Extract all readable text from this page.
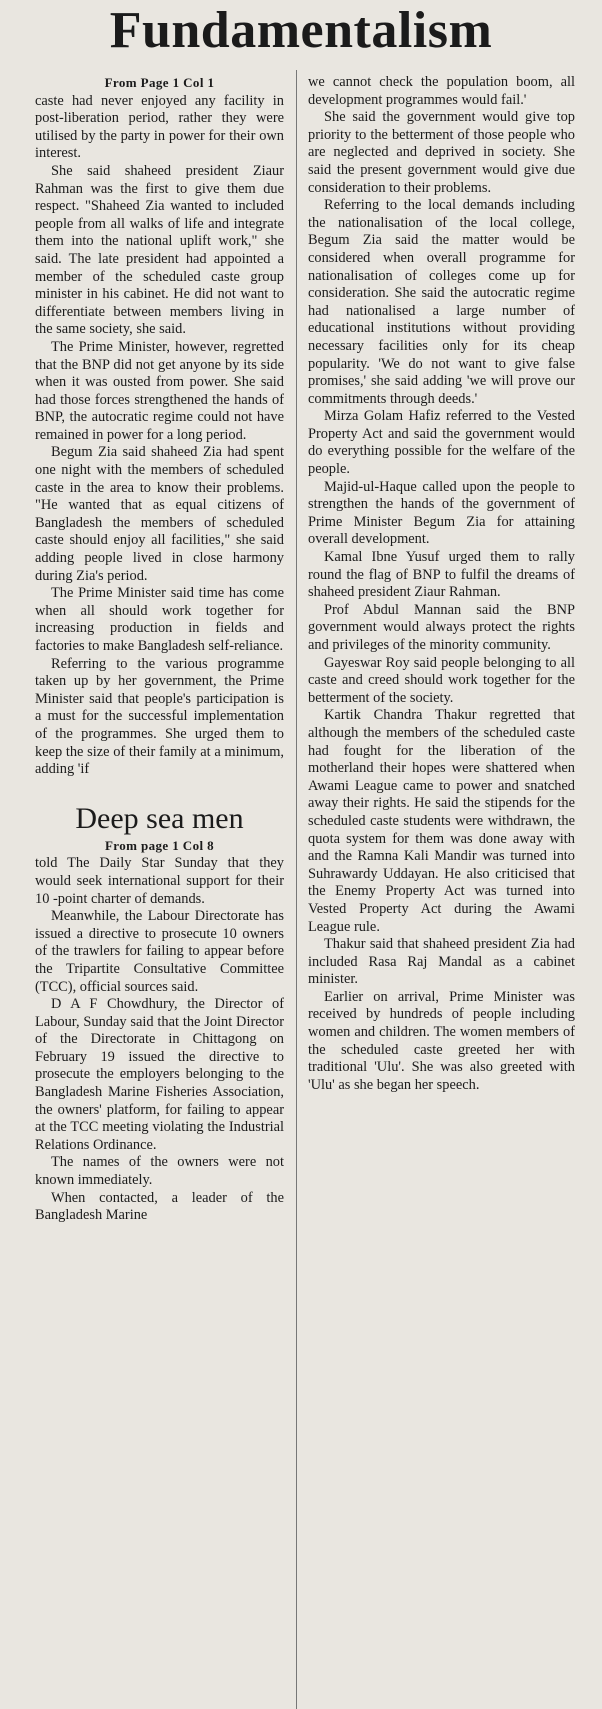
Fundamentalism
From Page 1 Col 1

caste had never enjoyed any facility in post-liberation period, rather they were utilised by the party in power for their own interest.

She said shaheed president Ziaur Rahman was the first to give them due respect. "Shaheed Zia wanted to included people from all walks of life and integrate them into the national uplift work," she said. The late president had appointed a member of the scheduled caste group minister in his cabinet. He did not want to differentiate between members living in the same society, she said.

The Prime Minister, however, regretted that the BNP did not get anyone by its side when it was ousted from power. She said had those forces strengthened the hands of BNP, the autocratic regime could not have remained in power for a long period.

Begum Zia said shaheed Zia had spent one night with the members of scheduled caste in the area to know their problems. "He wanted that as equal citizens of Bangladesh the members of scheduled caste should enjoy all facilities," she said adding people lived in close harmony during Zia's period.

The Prime Minister said time has come when all should work together for increasing production in fields and factories to make Bangladesh self-reliance.

Referring to the various programme taken up by her government, the Prime Minister said that people's participation is a must for the successful implementation of the programmes. She urged them to keep the size of their family at a minimum, adding 'if

Deep sea men
From page 1 Col 8

told The Daily Star Sunday that they would seek international support for their 10 -point charter of demands.

Meanwhile, the Labour Directorate has issued a directive to prosecute 10 owners of the trawlers for failing to appear before the Tripartite Consultative Committee (TCC), official sources said.

D A F Chowdhury, the Director of Labour, Sunday said that the Joint Director of the Directorate in Chittagong on February 19 issued the directive to prosecute the employers belonging to the Bangladesh Marine Fisheries Association, the owners' platform, for failing to appear at the TCC meeting violating the Industrial Relations Ordinance.

The names of the owners were not known immediately.

When contacted, a leader of the Bangladesh Marine

we cannot check the population boom, all development programmes would fail.'

She said the government would give top priority to the betterment of those people who are neglected and deprived in society. She said the present government would give due consideration to their problems.

Referring to the local demands including the nationalisation of the local college, Begum Zia said the matter would be considered when overall programme for nationalisation of colleges come up for consideration. She said the autocratic regime had nationalised a large number of educational institutions without providing necessary facilities only for its cheap popularity. 'We do not want to give false promises,' she said adding 'we will prove our commitments through deeds.'

Mirza Golam Hafiz referred to the Vested Property Act and said the government would do everything possible for the welfare of the people.

Majid-ul-Haque called upon the people to strengthen the hands of the government of Prime Minister Begum Zia for attaining overall development.

Kamal Ibne Yusuf urged them to rally round the flag of BNP to fulfil the dreams of shaheed president Ziaur Rahman.

Prof Abdul Mannan said the BNP government would always protect the rights and privileges of the minority community.

Gayeswar Roy said people belonging to all caste and creed should work together for the betterment of the society.

Kartik Chandra Thakur regretted that although the members of the scheduled caste had fought for the liberation of the motherland their hopes were shattered when Awami League came to power and snatched away their rights. He said the stipends for the scheduled caste students were withdrawn, the quota system for them was done away with and the Ramna Kali Mandir was turned into Suhrawardy Uddayan. He also criticised that the Enemy Property Act was turned into Vested Property Act during the Awami League rule.

Thakur said that shaheed president Zia had included Rasa Raj Mandal as a cabinet minister.

Earlier on arrival, Prime Minister was received by hundreds of people including women and children. The women members of the scheduled caste greeted her with traditional 'Ulu'. She was also greeted with 'Ulu' as she began her speech.
